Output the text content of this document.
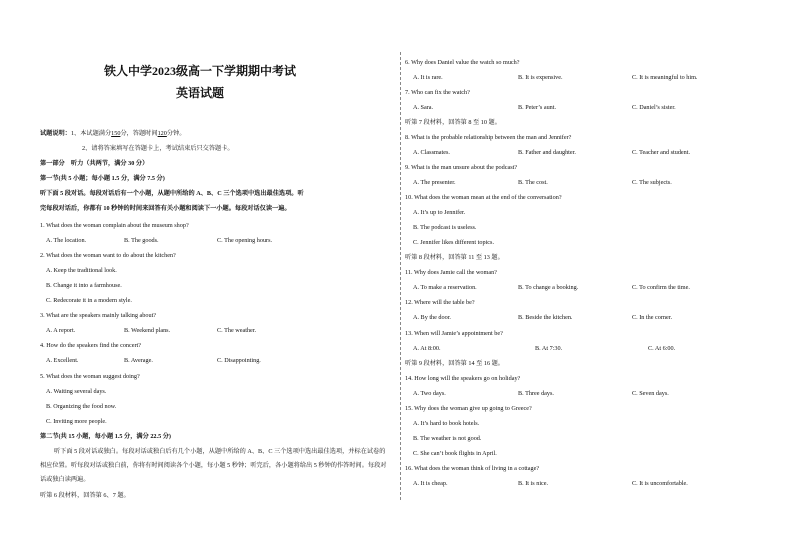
铁人中学2023级高一下学期期中考试
英语试题
试题说明：1、本试题满分150分，答题时间120分钟。
2、请将答案填写在答题卡上，考试结束后只交答题卡。
第一部分　听力（共两节，满分 30 分）
第一节(共 5 小题；每小题 1.5 分，满分 7.5 分)
听下面 5 段对话。每段对话后有一个小题，从题中所给的 A、B、C 三个选项中选出最佳选项。听
完每段对话后，你都有 10 秒钟的时间来回答有关小题和阅读下一小题。每段对话仅读一遍。
1. What does the woman complain about the museum shop?
A. The location.	B. The goods.	C. The opening hours.
2. What does the woman want to do about the kitchen?
A. Keep the traditional look.
B. Change it into a farmhouse.
C. Redecorate it in a modern style.
3. What are the speakers mainly talking about?
A. A report.	B. Weekend plans.	C. The weather.
4. How do the speakers find the concert?
A. Excellent.	B. Average.	C. Disappointing.
5. What does the woman suggest doing?
A. Waiting several days.
B. Organizing the food now.
C. Inviting more people.
第二节(共 15 小题，每小题 1.5 分，满分 22.5 分)
听下面 5 段对话或独白。每段对话或独白后有几个小题，从题中所给的 A、B、C 三个选项中选出最佳选项，并标在试卷的相应位置。听每段对话或独白前，你将有时间阅读各个小题，每小题 5 秒钟；听完后，各小题将给出 5 秒钟的作答时间。每段对话或独白读两遍。
听第 6 段材料，回答第 6、7 题。
6. Why does Daniel value the watch so much?
A. It is rare.	B. It is expensive.	C. It is meaningful to him.
7. Who can fix the watch?
A. Sara.	B. Peter’s aunt.	C. Daniel’s sister.
听第 7 段材料，回答第 8 至 10 题。
8. What is the probable relationship between the man and Jennifer?
A. Classmates.	B. Father and daughter.	C. Teacher and student.
9. What is the man unsure about the podcast?
A. The presenter.	B. The cost.	C. The subjects.
10. What does the woman mean at the end of the conversation?
A. It’s up to Jennifer.
B. The podcast is useless.
C. Jennifer likes different topics.
听第 8 段材料，回答第 11 至 13 题。
11. Why does Jamie call the woman?
A. To make a reservation.	B. To change a booking.	C. To confirm the time.
12. Where will the table be?
A. By the door.	B. Beside the kitchen.	C. In the corner.
13. When will Jamie’s appointment be?
A. At 8:00.	B. At 7:30.	C. At 6:00.
听第 9 段材料，回答第 14 至 16 题。
14. How long will the speakers go on holiday?
A. Two days.	B. Three days.	C. Seven days.
15. Why does the woman give up going to Greece?
A. It’s hard to book hotels.
B. The weather is not good.
C. She can’t book flights in April.
16. What does the woman think of living in a cottage?
A. It is cheap.	B. It is nice.	C. It is uncomfortable.
